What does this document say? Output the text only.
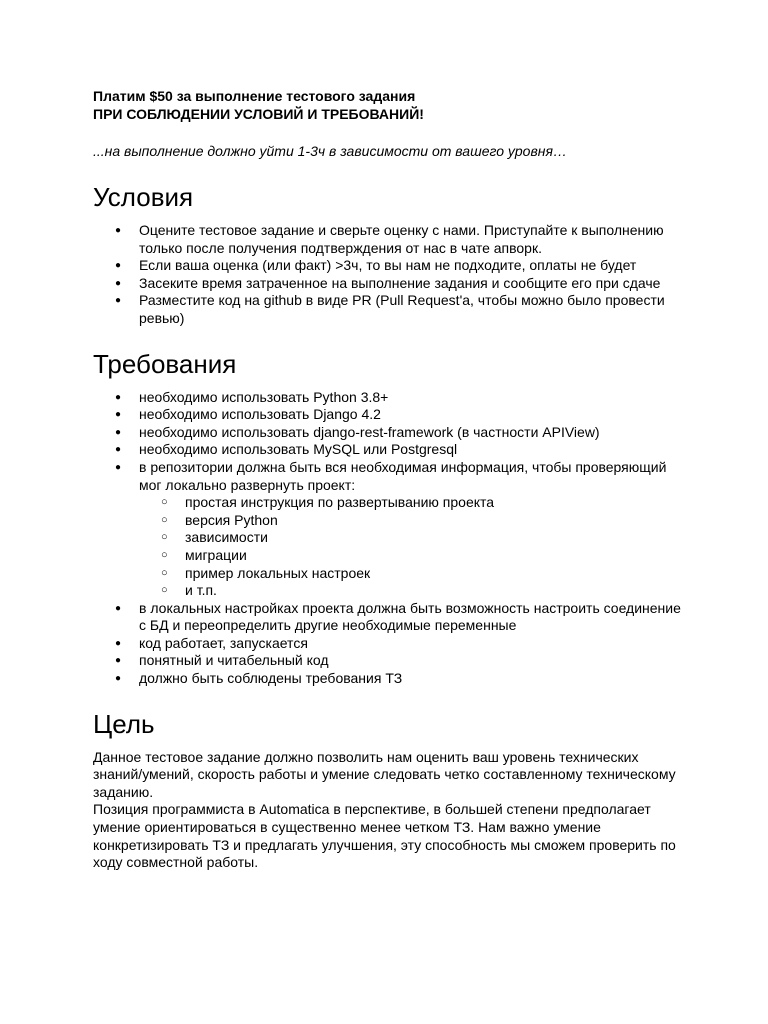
Платим $50 за выполнение тестового задания
ПРИ СОБЛЮДЕНИИ УСЛОВИЙ И ТРЕБОВАНИЙ!

...на выполнение должно уйти 1-3ч в зависимости от вашего уровня…

Условия
● Оцените тестовое задание и сверьте оценку с нами. Приступайте к выполнению только после получения подтверждения от нас в чате апворк.
● Если ваша оценка (или факт) >3ч, то вы нам не подходите, оплаты не будет
● Засеките время затраченное на выполнение задания и сообщите его при сдаче
● Разместите код на github в виде PR (Pull Request'a, чтобы можно было провести ревью)
Требования
● необходимо использовать Python 3.8+
● необходимо использовать Django 4.2
● необходимо использовать django-rest-framework (в частности APIView)
● необходимо использовать MySQL или Postgresql
● в репозитории должна быть вся необходимая информация, чтобы проверяющий мог локально развернуть проект:
○ простая инструкция по развертыванию проекта
○ версия Python
○ зависимости
○ миграции
○ пример локальных настроек
○ и т.п.
● в локальных настройках проекта должна быть возможность настроить соединение с БД и переопределить другие необходимые переменные
● код работает, запускается
● понятный и читабельный код
● должно быть соблюдены требования ТЗ
Цель

Данное тестовое задание должно позволить нам оценить ваш уровень технических знаний/умений, скорость работы и умение следовать четко составленному техническому заданию.
Позиция программиста в Automatica в перспективе, в большей степени предполагает умение ориентироваться в существенно менее четком ТЗ. Нам важно умение конкретизировать ТЗ и предлагать улучшения, эту способность мы сможем проверить по ходу совместной работы.
